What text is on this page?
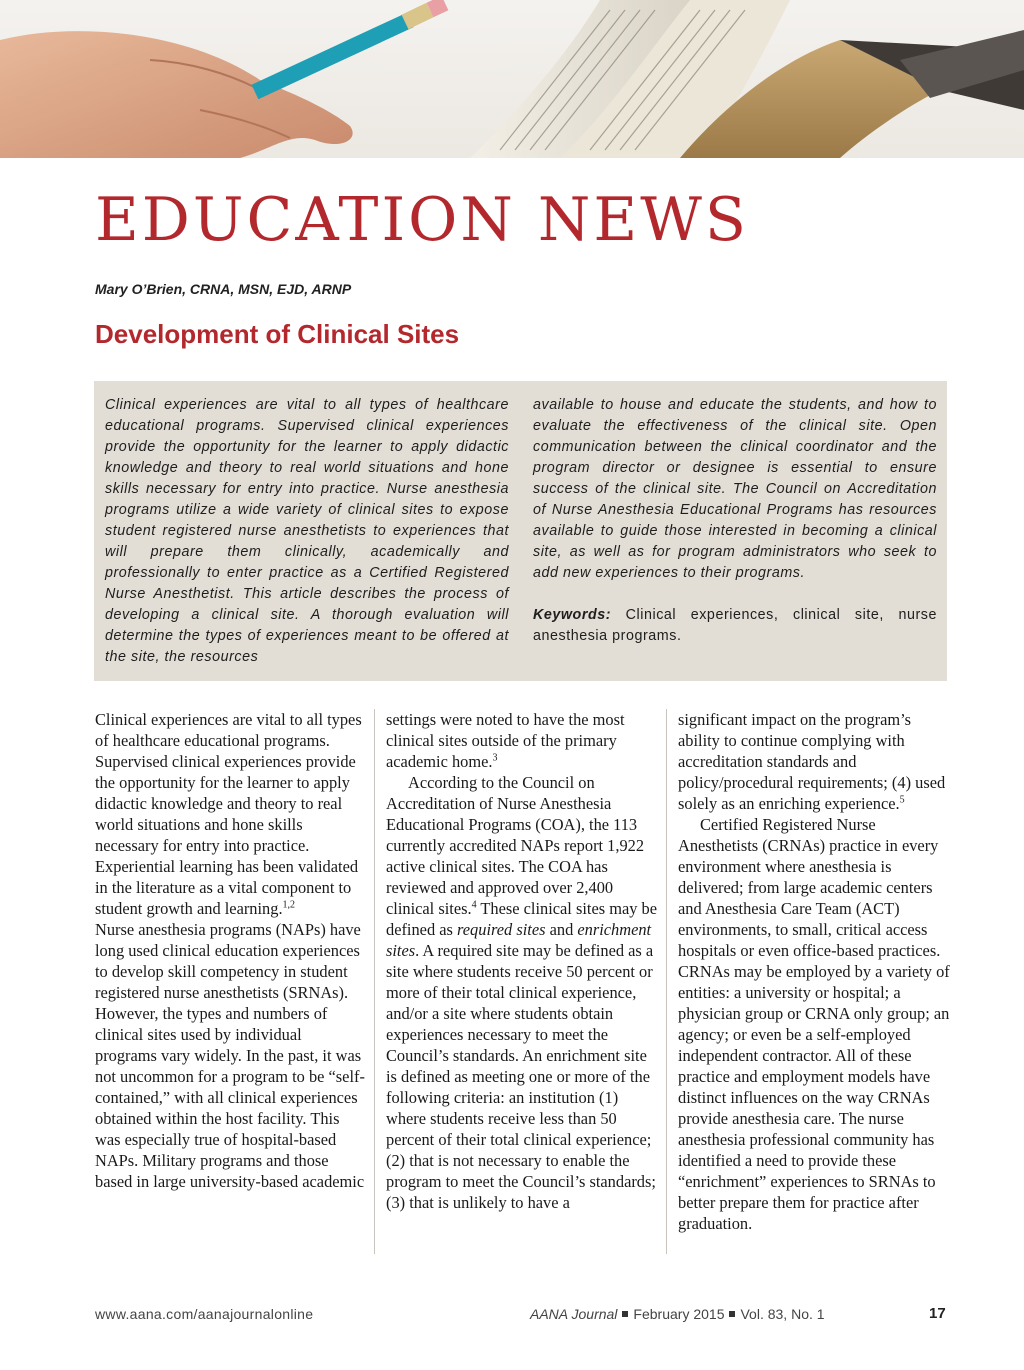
EDUCATION NEWS
Mary O’Brien, CRNA, MSN, EJD, ARNP
Development of Clinical Sites
Clinical experiences are vital to all types of healthcare educational programs. Supervised clinical experiences provide the opportunity for the learner to apply didactic knowledge and theory to real world situations and hone skills necessary for entry into practice. Nurse anesthesia programs utilize a wide variety of clinical sites to expose student registered nurse anesthetists to experiences that will prepare them clinically, academically and professionally to enter practice as a Certified Registered Nurse Anesthetist. This article describes the process of developing a clinical site. A thorough evaluation will determine the types of experiences meant to be offered at the site, the resources
available to house and educate the students, and how to evaluate the effectiveness of the clinical site. Open communication between the clinical coordinator and the program director or designee is essential to ensure success of the clinical site. The Council on Accreditation of Nurse Anesthesia Educational Programs has resources available to guide those interested in becoming a clinical site, as well as for program administrators who seek to add new experiences to their programs.
Keywords: Clinical experiences, clinical site, nurse anesthesia programs.

Clinical experiences are vital to all types of healthcare educational programs. Supervised clinical experiences provide the opportunity for the learner to apply didactic knowledge and theory to real world situations and hone skills necessary for entry into practice. Experiential learning has been validated in the literature as a vital component to student growth and learning.$^{1,2}$

Nurse anesthesia programs (NAPs) have long used clinical education experiences to develop skill competency in student registered nurse anesthetists (SRNAs). However, the types and numbers of clinical sites used by individual programs vary widely. In the past, it was not uncommon for a program to be “self-contained,” with all clinical experiences obtained within the host facility. This was especially true of hospital-based NAPs. Military programs and those based in large university-based academic

settings were noted to have the most clinical sites outside of the primary academic home.$^3$

According to the Council on Accreditation of Nurse Anesthesia Educational Programs (COA), the 113 currently accredited NAPs report 1,922 active clinical sites. The COA has reviewed and approved over 2,400 clinical sites.$^4$ These clinical sites may be defined as required sites and enrichment sites. A required site may be defined as a site where students receive 50 percent or more of their total clinical experience, and/or a site where students obtain experiences necessary to meet the Council’s standards. An enrichment site is defined as meeting one or more of the following criteria: an institution (1) where students receive less than 50 percent of their total clinical experience; (2) that is not necessary to enable the program to meet the Council’s standards; (3) that is unlikely to have a

significant impact on the program’s ability to continue complying with accreditation standards and policy/procedural requirements; (4) used solely as an enriching experience.$^5$

Certified Registered Nurse Anesthetists (CRNAs) practice in every environment where anesthesia is delivered; from large academic centers and Anesthesia Care Team (ACT) environments, to small, critical access hospitals or even office-based practices. CRNAs may be employed by a variety of entities: a university or hospital; a physician group or CRNA only group; an agency; or even be a self-employed independent contractor. All of these practice and employment models have distinct influences on the way CRNAs provide anesthesia care. The nurse anesthesia professional community has identified a need to provide these “enrichment” experiences to SRNAs to better prepare them for practice after graduation.

www.aana.com/aanajournalonline	AANA Journal February 2015 Vol. 83, No. 1	17
